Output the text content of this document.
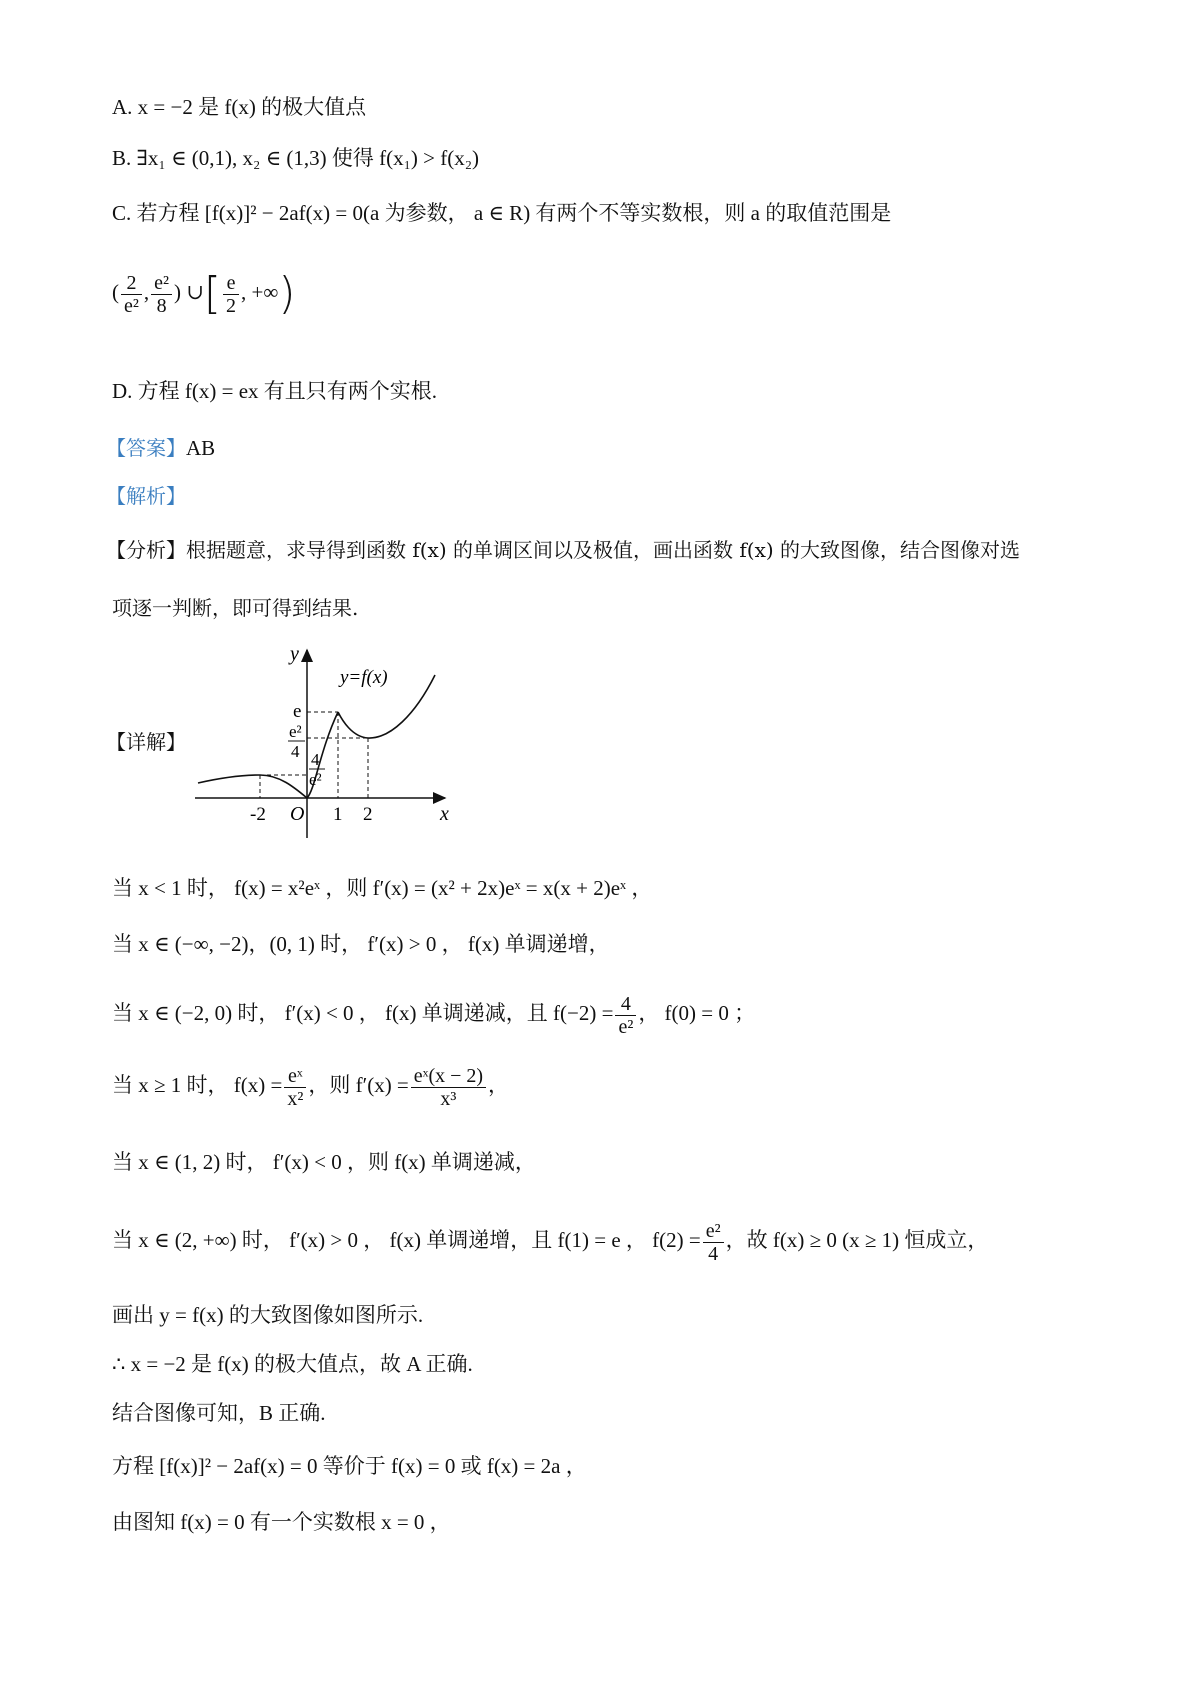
A. x = −2 是 f(x) 的极大值点
B. ∃x₁ ∈ (0,1), x₂ ∈ (1,3) 使得 f(x₁) > f(x₂)
C. 若方程 [f(x)]² − 2af(x) = 0(a 为参数， a ∈ R) 有两个不等实数根，则 a 的取值范围是
( $\frac{2}{\text{e²}}$ , $\frac{\text{e²}}{8}$ ) ∪[ $\frac{e}{2}$ , +∞)
D. 方程 f(x) = ex 有且只有两个实根.
【答案】AB
【解析】
【分析】根据题意，求导得到函数 f(x) 的单调区间以及极值，画出函数 f(x) 的大致图像，结合图像对选
项逐一判断，即可得到结果.
【详解】
y=f(x)
y
x
O
-2	1 2
e
e²
4 4
e²
当 x < 1 时， f(x) = x²eˣ ，则 f′(x) = (x² + 2x)eˣ = x(x + 2)eˣ ，
当 x ∈ (−∞, −2)，(0, 1) 时， f′(x) > 0 ， f(x) 单调递增，
当 x ∈ (−2, 0) 时， f′(x) < 0 ， f(x) 单调递减，且 $f(-2) = \frac{4}{\text{e²}}$ ， f(0) = 0 ；
当 x ≥ 1 时， $f(x) = \frac{\text{eˣ}}{\text{x²}}$ ，则 $f'(x) = \frac{\text{eˣ(x − 2)}}{\text{x³}}$ ，
当 x ∈ (1, 2) 时， f′(x) < 0 ，则 f(x) 单调递减，
当 x ∈ (2, +∞) 时， f′(x) > 0 ， f(x) 单调递增，且 f(1) = e ， $f(2) = \frac{\text{e²}}{4}$ ，故 f(x) ≥ 0 (x ≥ 1) 恒成立，
画出 y = f(x) 的大致图像如图所示.
∴ x = −2 是 f(x) 的极大值点，故 A 正确.
结合图像可知，B 正确.
方程 [f(x)]² − 2af(x) = 0 等价于 f(x) = 0 或 f(x) = 2a ，
由图知 f(x) = 0 有一个实数根 x = 0 ，
